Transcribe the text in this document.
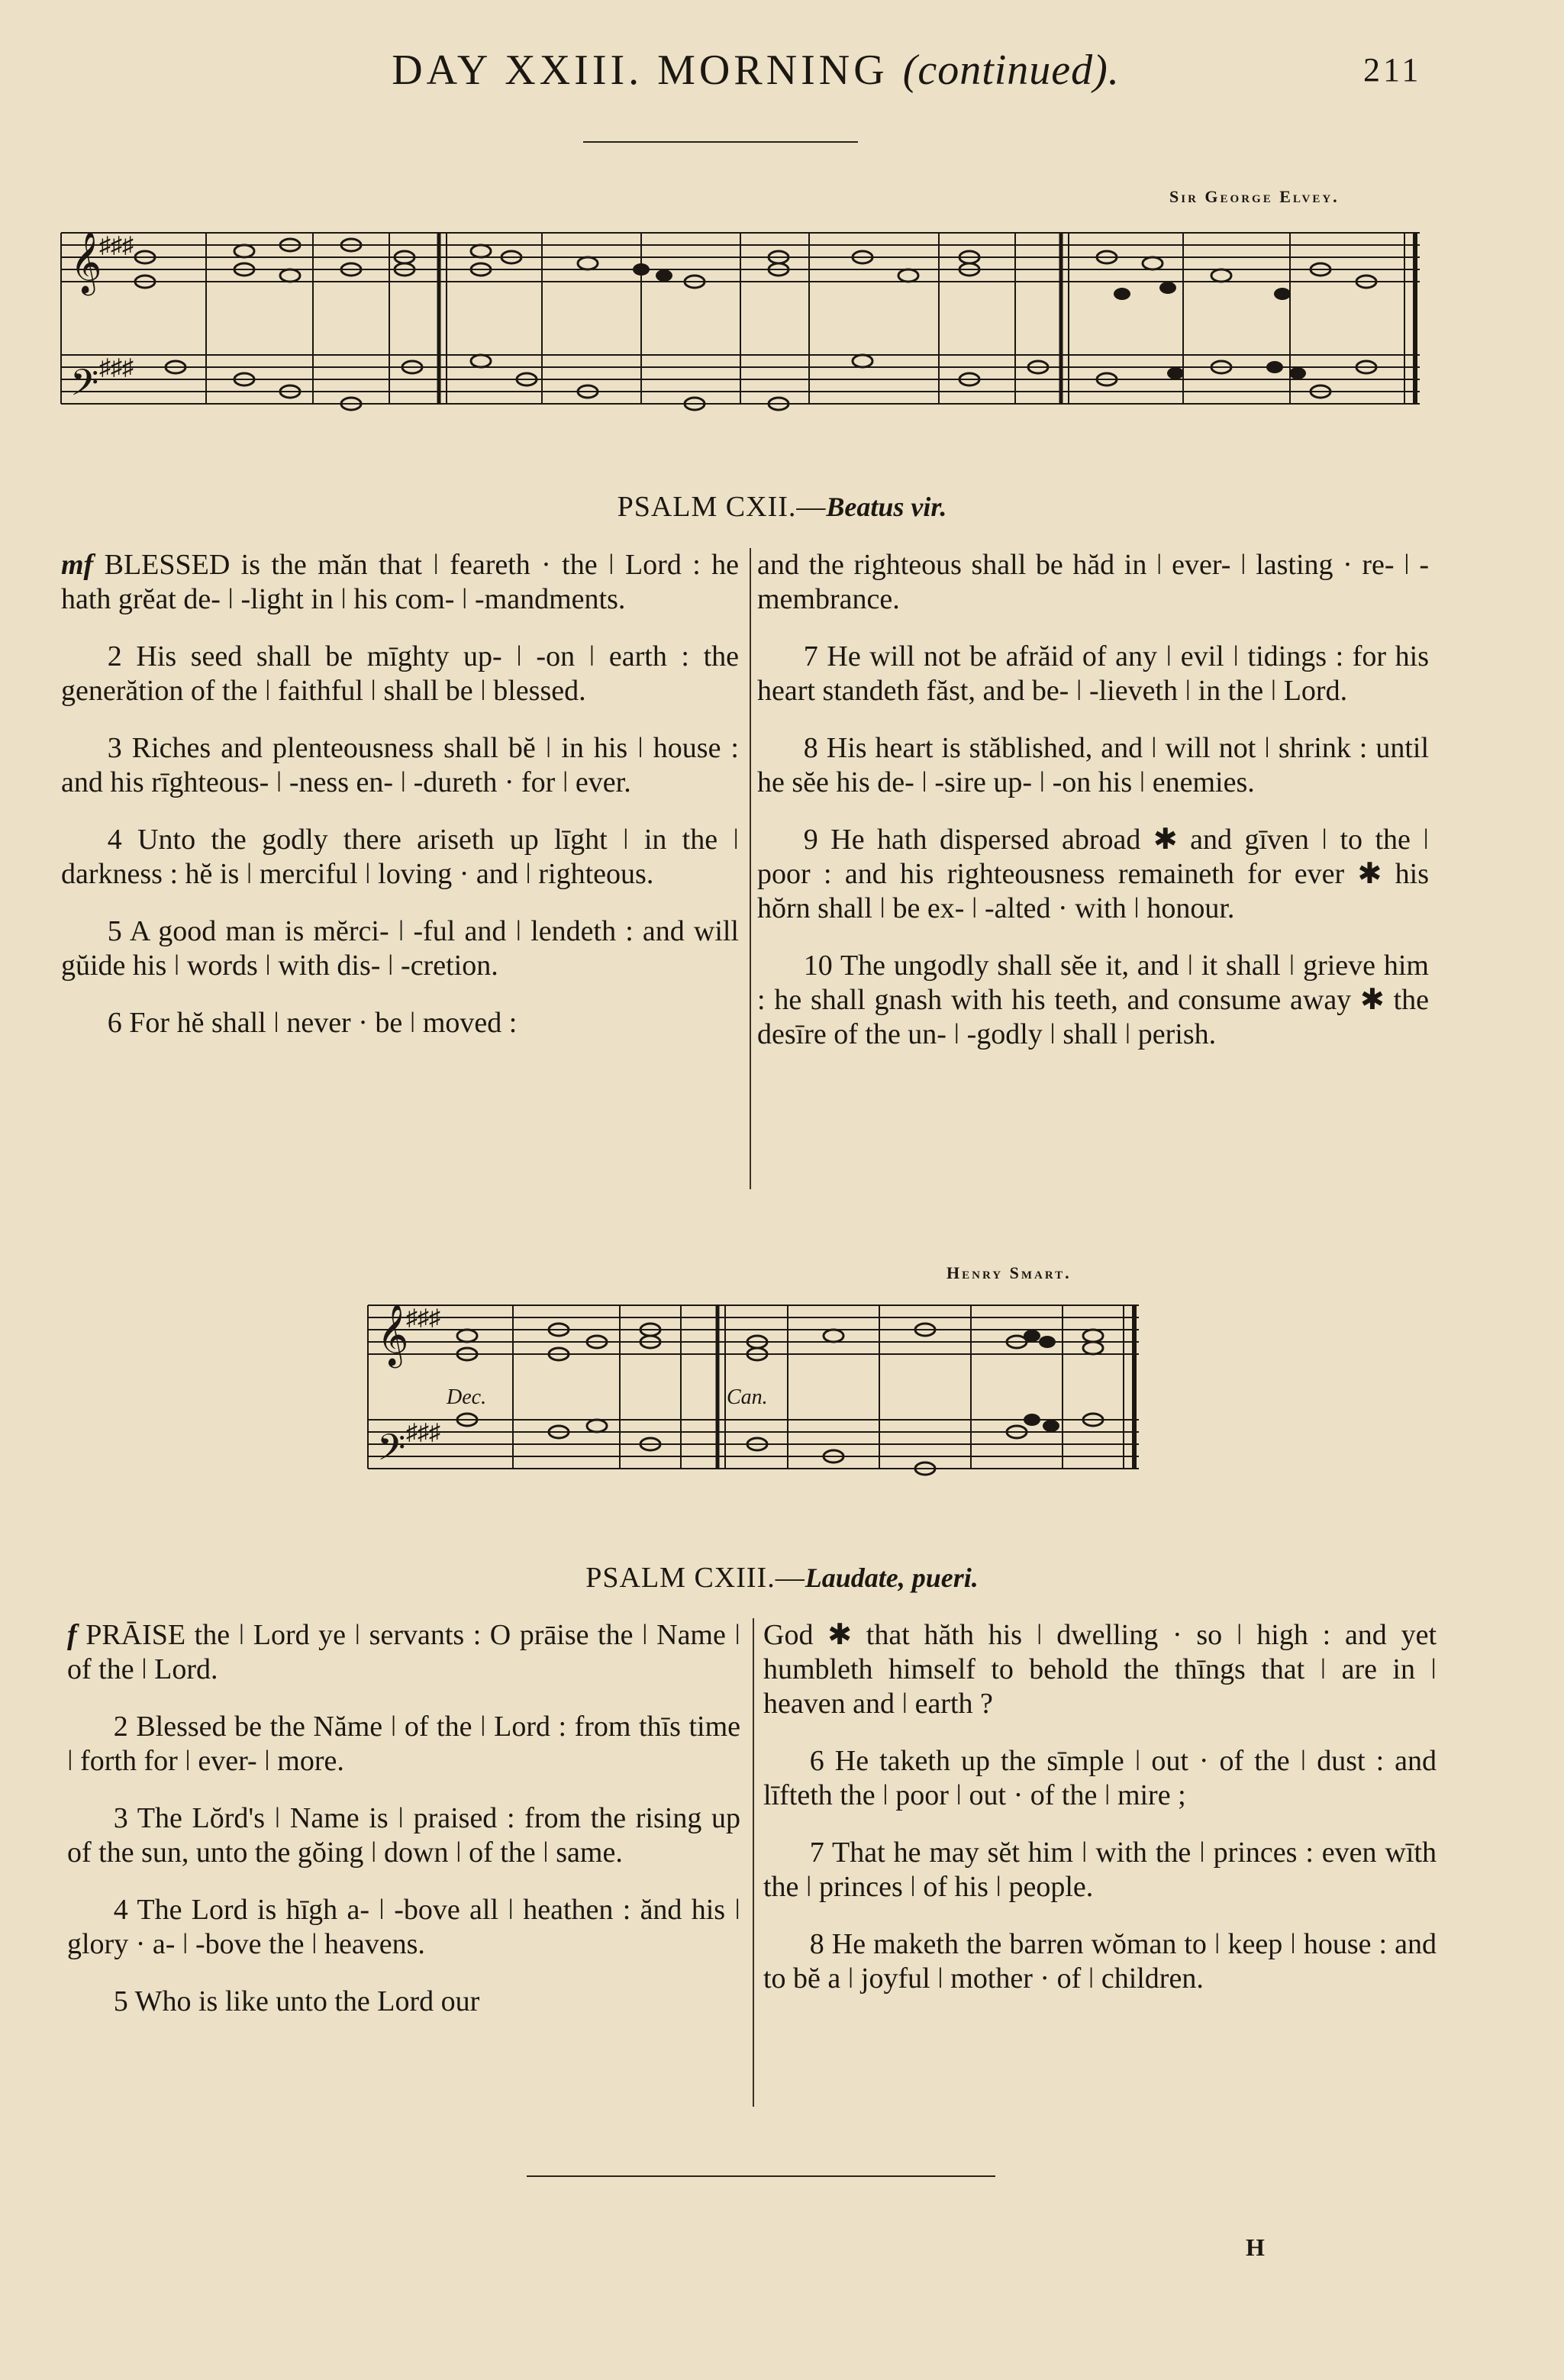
DAY XXIII. MORNING (continued).	211
Sir George Elvey.
𝄞
𝄢
♯♯♯
♯♯♯
PSALM CXII.—Beatus vir.

mf BLESSED is the măn that ǀ feareth · the ǀ Lord : he hath grĕat de- ǀ -light in ǀ his com- ǀ -mandments.

2 His seed shall be mīghty up- ǀ -on ǀ earth : the generătion of the ǀ faithful ǀ shall be ǀ blessed.

3 Riches and plenteousness shall bĕ ǀ in his ǀ house : and his rīghteous- ǀ -ness en- ǀ -dureth · for ǀ ever.

4 Unto the godly there ariseth up līght ǀ in the ǀ darkness : hĕ is ǀ merciful ǀ loving · and ǀ righteous.

5 A good man is mĕrci- ǀ -ful and ǀ lendeth : and will gŭide his ǀ words ǀ with dis- ǀ -cretion.

6 For hĕ shall ǀ never · be ǀ moved :

and the righteous shall be hăd in ǀ ever- ǀ lasting · re- ǀ -membrance.

7 He will not be afrăid of any ǀ evil ǀ tidings : for his heart standeth făst, and be- ǀ -lieveth ǀ in the ǀ Lord.

8 His heart is stăblished, and ǀ will not ǀ shrink : until he sĕe his de- ǀ -sire up- ǀ -on his ǀ enemies.

9 He hath dispersed abroad ✱ and gīven ǀ to the ǀ poor : and his righteousness remaineth for ever ✱ his hŏrn shall ǀ be ex- ǀ -alted · with ǀ honour.

10 The ungodly shall sĕe it, and ǀ it shall ǀ grieve him : he shall gnash with his teeth, and consume away ✱ the desīre of the un- ǀ -godly ǀ shall ǀ perish.

Henry Smart.
𝄞
𝄢
♯♯♯
♯♯♯
Dec.	Can.
PSALM CXIII.—Laudate, pueri.

f PRĀISE the ǀ Lord ye ǀ servants : O prāise the ǀ Name ǀ of the ǀ Lord.

2 Blessed be the Năme ǀ of the ǀ Lord : from thīs time ǀ forth for ǀ ever- ǀ more.

3 The Lŏrd's ǀ Name is ǀ praised : from the rising up of the sun, unto the gŏing ǀ down ǀ of the ǀ same.

4 The Lord is hīgh a- ǀ -bove all ǀ heathen : ănd his ǀ glory · a- ǀ -bove the ǀ heavens.

5 Who is like unto the Lord our

God ✱ that hăth his ǀ dwelling · so ǀ high : and yet humbleth himself to behold the thīngs that ǀ are in ǀ heaven and ǀ earth ?

6 He taketh up the sīmple ǀ out · of the ǀ dust : and līfteth the ǀ poor ǀ out · of the ǀ mire ;

7 That he may sĕt him ǀ with the ǀ princes : even wīth the ǀ princes ǀ of his ǀ people.

8 He maketh the barren wŏman to ǀ keep ǀ house : and to bĕ a ǀ joyful ǀ mother · of ǀ children.

H
